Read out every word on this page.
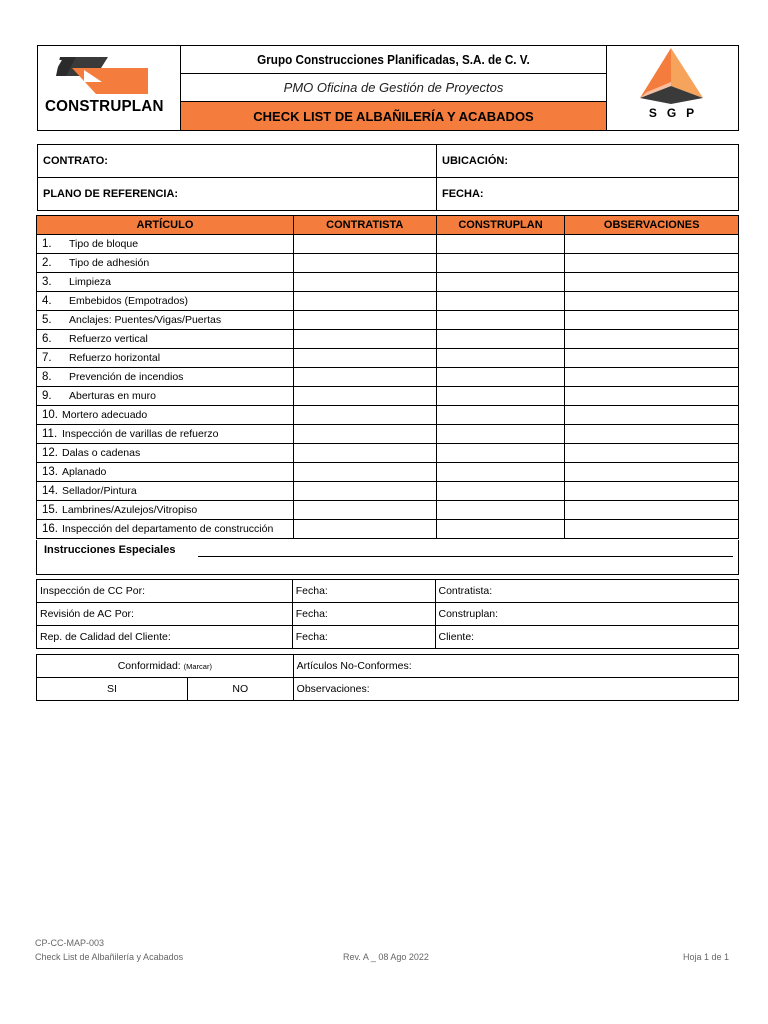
CONSTRUPLAN
Grupo Construcciones Planificadas, S.A. de C. V.
PMO Oficina de Gestión de Proyectos
CHECK LIST DE ALBAÑILERÍA Y ACABADOS	SGP
CONTRATO:	UBICACIÓN:
PLANO DE REFERENCIA:	FECHA:
ARTÍCULO	CONTRATISTA	CONSTRUPLAN	OBSERVACIONES
1. Tipo de bloque			
2. Tipo de adhesión			
3. Limpieza			
4. Embebidos (Empotrados)			
5. Anclajes: Puentes/Vigas/Puertas			
6. Refuerzo vertical			
7. Refuerzo horizontal			
8. Prevención de incendios			
9. Aberturas en muro			
10. Mortero adecuado			
11. Inspección de varillas de refuerzo			
12. Dalas o cadenas			
13. Aplanado			
14. Sellador/Pintura			
15. Lambrines/Azulejos/Vitropiso			
16. Inspección del departamento de construcción			
Instrucciones Especiales
Inspección de CC Por:	Fecha:	Contratista:
Revisión de AC Por:	Fecha:	Construplan:
Rep. de Calidad del Cliente:	Fecha:	Cliente:
Conformidad: (Marcar)		Artículos No-Conformes:
SI	NO	Observaciones:
CP-CC-MAP-003
Check List de Albañilería y Acabados	Rev. A _ 08 Ago 2022	Hoja 1 de 1
